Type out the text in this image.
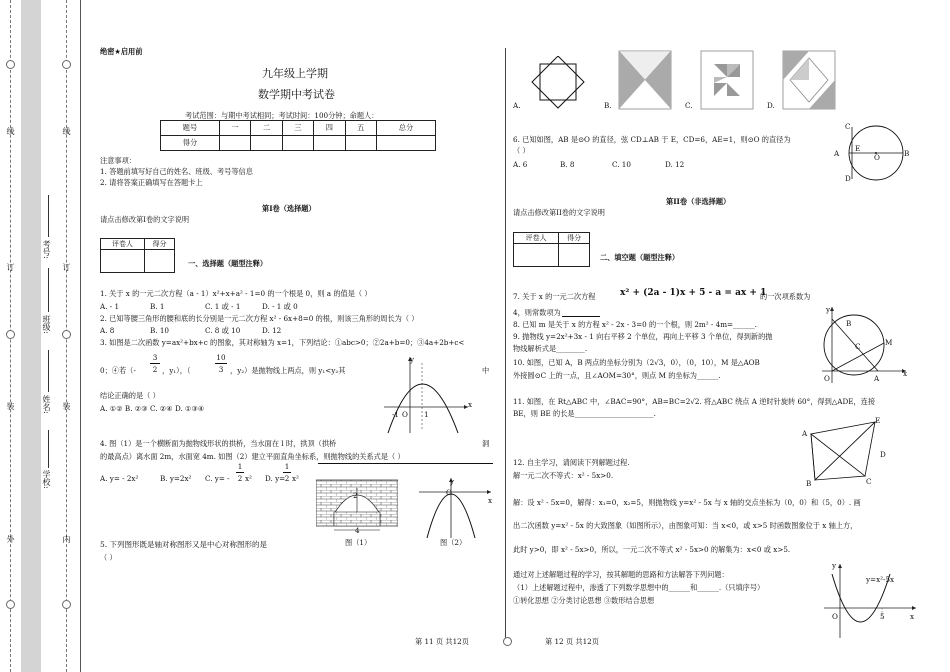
线
订
装
外	内
线
订
装
学校:
姓名:
班级:
考号:
绝密★启用前
九年级上学期
数学期中考试卷
考试范围：与期中考试相同；考试时间：100分钟；命题人：
题号	一	二	三	四	五	总分
得分						
注意事项：
1. 答题前填写好自己的姓名、班级、考号等信息
2. 请将答案正确填写在答题卡上
第I卷（选择题）
请点击修改第I卷的文字说明
评卷人	得分

一、选择题（题型注释）
1. 关于 x 的一元二次方程（a - 1）x²+x+a² - 1=0 的一个根是 0，则 a 的值是（ ）
A. - 1	B. 1	C. 1 或 - 1	D. - 1 或 0
2. 已知等腰三角形的腰和底的长分别是一元二次方程 x² - 6x+8=0 的根，则该三角形的周长为（ ）
A. 8	B. 10	C. 8 或 10	D. 12
3. 如图是二次函数 y=ax²+bx+c 的图象，其对称轴为 x=1，下列结论：①abc>0；②2a+b=0；③4a+2b+c<
0；④若（-
3
2 ，y₁），（
10
3 ，y₂）是抛物线上两点，则 y₁<y₂其	中
结论正确的是（ ）
A. ①② B. ②③ C. ②④ D. ①③④
y
x
-1 O 1
4. 图（1）是一个横断面为抛物线形状的拱桥，当水面在 l 时，拱顶（拱桥	洞
的最高点）离水面 2m，水面宽 4m. 如图（2）建立平面直角坐标系，则抛物线的关系式是（ ）
A. y= - 2x²	B. y=2x² C. y= -
1
2 x² D. y=
1
2 x²
2
4
图（1）
y
x
O
图（2）
5. 下列图形既是轴对称图形又是中心对称图形的是
（ ）
A.	B.	C.	D.
6. 已知如图，AB 是⊙O 的直径，弦 CD⊥AB 于 E，CD=6，AE=1，则⊙O 的直径为
（ ）
A. 6	B. 8	C. 10	D. 12
A
C
D
E
O	B
第II卷（非选择题）
请点击修改第II卷的文字说明
评卷人	得分

二、填空题（题型注释）
7. 关于 x 的一元二次方程	x² + (2a - 1)x + 5 - a = ax + 1
的一次项系数为
4，则常数项为
8. 已知 m 是关于 x 的方程 x² - 2x - 3=0 的一个根，则 2m² - 4m=______.
9. 抛物线 y=2x²+3x - 1 向右平移 2 个单位，再向上平移 3 个单位，得到新的抛
物线解析式是________.
10. 如图，已知 A，B 两点的坐标分别为（2√3，0），（0，10），M 是△AOB
外接圆⊙C 上的一点，且∠AOM=30°，则点 M 的坐标为______.
B
C	M
O	A
x
y
11. 如图，在 Rt△ABC 中，∠BAC=90°，AB=BC=2√2. 将△ABC 绕点 A 逆时针旋转 60°，得到△ADE，连接
BE，则 BE 的长是______________________.
A
E
B	C
D
12. 自主学习，请阅读下列解题过程.
解一元二次不等式：x² - 5x>0.
解：设 x² - 5x=0，解得：x₁=0，x₂=5，则抛物线 y=x² - 5x 与 x 轴的交点坐标为（0，0）和（5，0）. 画
出二次函数 y=x² - 5x 的大致图象（如图所示），由图象可知：当 x<0，或 x>5 时函数图象位于 x 轴上方，
此时 y>0，即 x² - 5x>0，所以，一元二次不等式 x² - 5x>0 的解集为：x<0 或 x>5.
通过对上述解题过程的学习，按其解题的思路和方法解答下列问题：
（1）上述解题过程中，渗透了下列数学思想中的______和______.（只填序号）
①转化思想 ②分类讨论思想 ③数形结合思想
y=x²-5x
y
x
O	5
第 11 页 共12页	第 12 页 共12页
